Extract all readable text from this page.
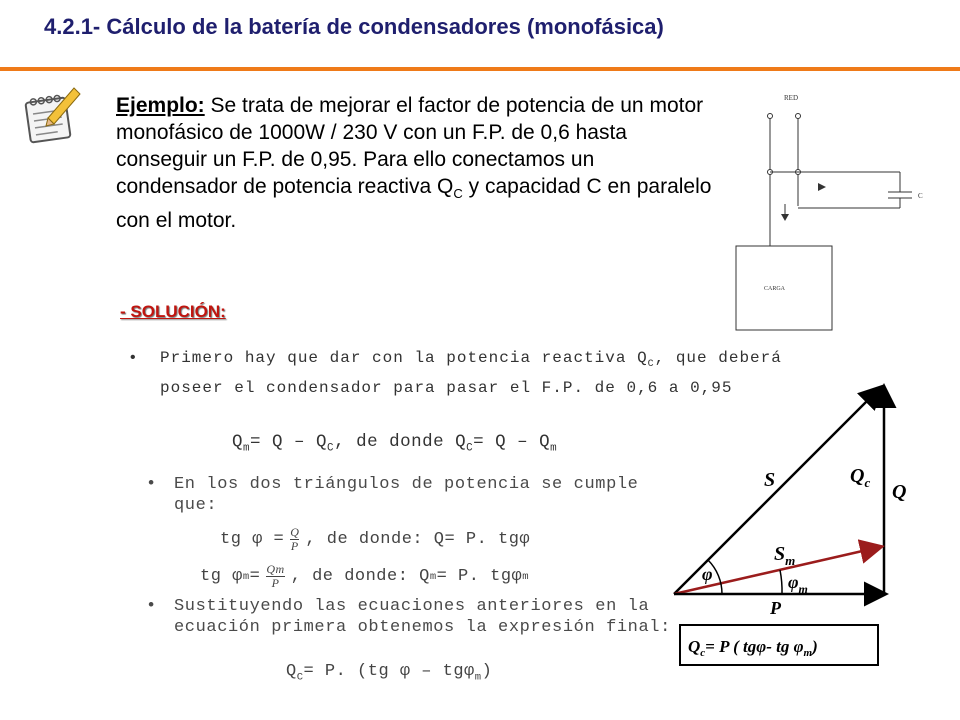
4.2.1- Cálculo de la batería de condensadores (monofásica)
Ejemplo: Se trata de mejorar el factor de potencia de un motor monofásico de 1000W / 230 V con un F.P. de 0,6 hasta conseguir un F.P. de 0,95. Para ello conectamos un condensador de potencia reactiva $Q_C$ y capacidad C en paralelo con el motor.
RED
C
CARGA
- SOLUCIÓN:
• Primero hay que dar con la potencia reactiva $Q_C$, que deberá poseer el condensador para pasar el F.P. de 0,6 a 0,95
$Q_m= Q - Q_C$, de donde $Q_C= Q - Q_m$
• En los dos triángulos de potencia se cumple que:
tg $\varphi = \frac{Q}{P}$ , de donde: Q= P. tgφ
tg φ $m = \frac{Qm}{P}$ , de donde: Q m = P. tgφ m
• Sustituyendo las ecuaciones anteriores en la ecuación primera obtenemos la expresión final:
$Q_C= P$. (tg φ – tgφ$_m$)
S	$Q_c$ Q
$S_m$
φ	$\varphi_m$
P
$Q_c= P$ ( tgφ- tg $\varphi_m$)
